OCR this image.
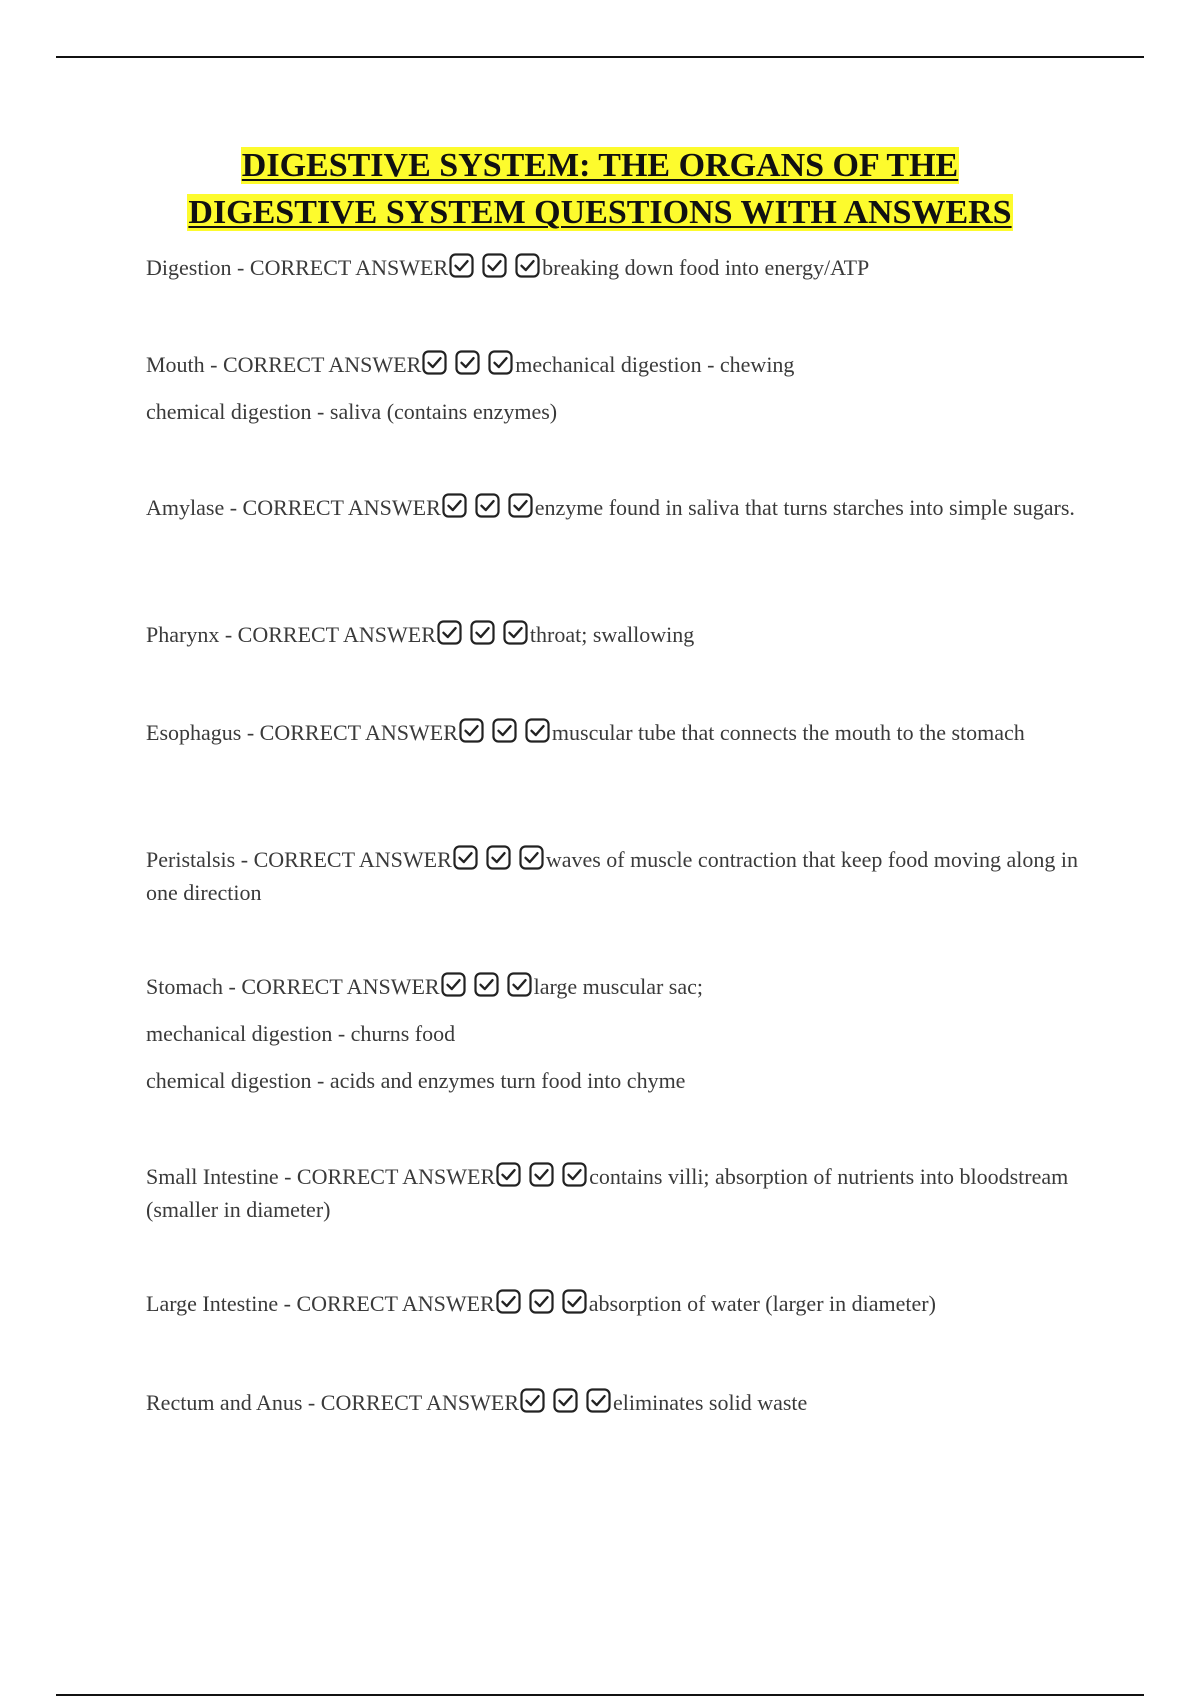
DIGESTIVE SYSTEM: THE ORGANS OF THE
DIGESTIVE SYSTEM QUESTIONS WITH ANSWERS

Digestion - CORRECT ANSWER	breaking down food into energy/ATP

Mouth - CORRECT ANSWER	mechanical digestion - chewing

chemical digestion - saliva (contains enzymes)

Amylase - CORRECT ANSWER	enzyme found in saliva that turns starches into simple sugars.

Pharynx - CORRECT ANSWER	throat; swallowing

Esophagus - CORRECT ANSWER	muscular tube that connects the mouth to the stomach

Peristalsis - CORRECT ANSWER	waves of muscle contraction that keep food moving along in one direction

Stomach - CORRECT ANSWER	large muscular sac;

mechanical digestion - churns food

chemical digestion - acids and enzymes turn food into chyme

Small Intestine - CORRECT ANSWER	contains villi; absorption of nutrients into bloodstream (smaller in diameter)

Large Intestine - CORRECT ANSWER	absorption of water (larger in diameter)

Rectum and Anus - CORRECT ANSWER	eliminates solid waste
